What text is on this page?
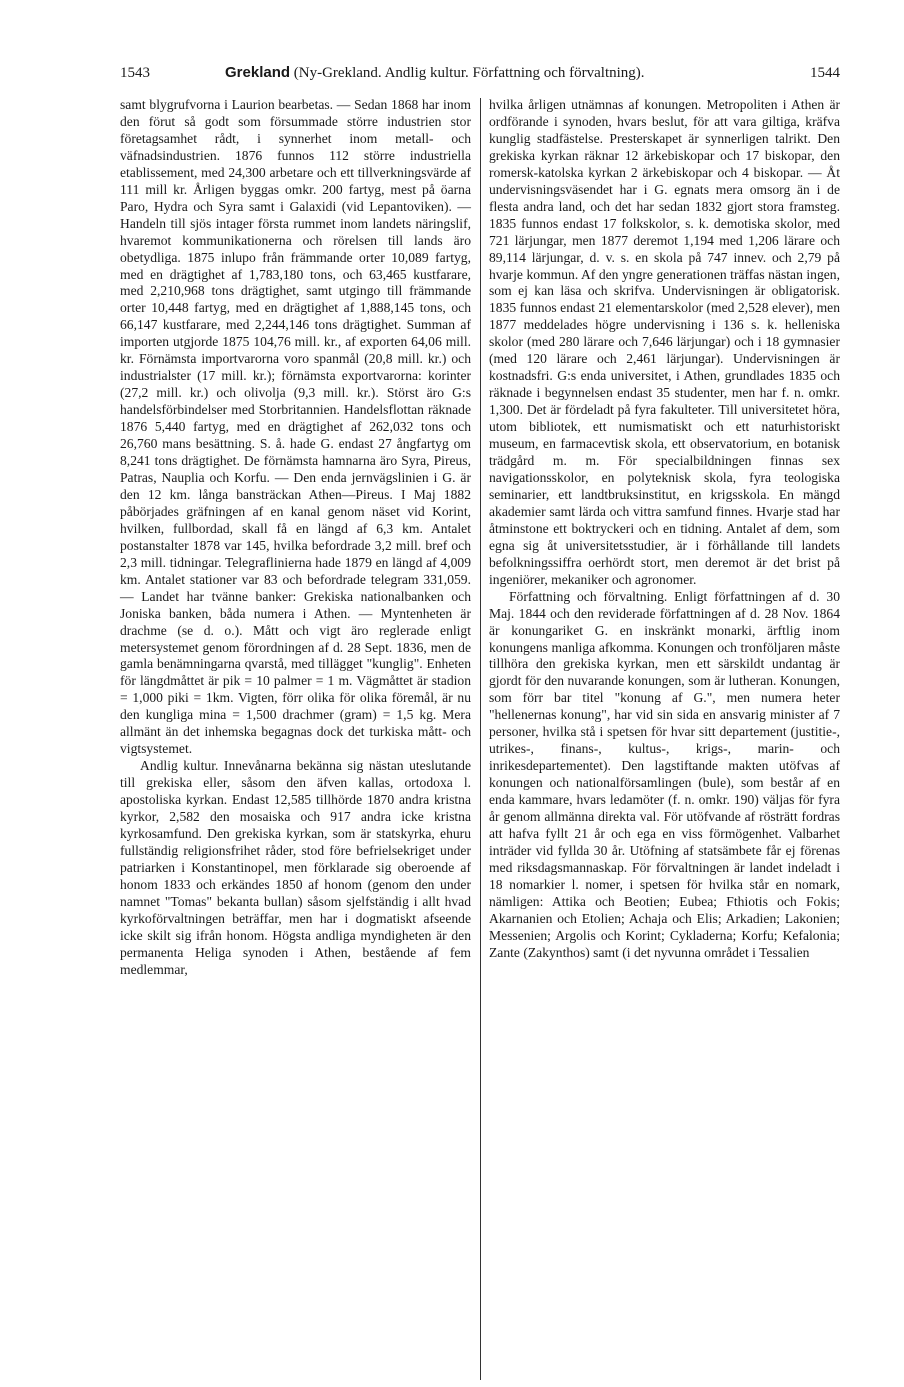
1543	Grekland (Ny-Grekland. Andlig kultur. Författning och förvaltning).	1544

samt blygrufvorna i Laurion bearbetas. — Sedan 1868 har inom den förut så godt som försummade större industrien stor företagsamhet rådt, i synnerhet inom metall- och väfnadsindustrien. 1876 funnos 112 större industriella etablissement, med 24,300 arbetare och ett tillverkningsvärde af 111 mill kr. Årligen byggas omkr. 200 fartyg, mest på öarna Paro, Hydra och Syra samt i Galaxidi (vid Lepantoviken). — Handeln till sjös intager första rummet inom landets näringslif, hvaremot kommunikationerna och rörelsen till lands äro obetydliga. 1875 inlupo från främmande orter 10,089 fartyg, med en drägtighet af 1,783,180 tons, och 63,465 kustfarare, med 2,210,968 tons drägtighet, samt utgingo till främmande orter 10,448 fartyg, med en drägtighet af 1,888,145 tons, och 66,147 kustfarare, med 2,244,146 tons drägtighet. Summan af importen utgjorde 1875 104,76 mill. kr., af exporten 64,06 mill. kr. Förnämsta importvarorna voro spanmål (20,8 mill. kr.) och industrialster (17 mill. kr.); förnämsta exportvarorna: korinter (27,2 mill. kr.) och olivolja (9,3 mill. kr.). Störst äro G:s handelsförbindelser med Storbritannien. Handelsflottan räknade 1876 5,440 fartyg, med en drägtighet af 262,032 tons och 26,760 mans besättning. S. å. hade G. endast 27 ångfartyg om 8,241 tons drägtighet. De förnämsta hamnarna äro Syra, Pireus, Patras, Nauplia och Korfu. — Den enda jernvägslinien i G. är den 12 km. långa bansträckan Athen—Pireus. I Maj 1882 påbörjades gräfningen af en kanal genom näset vid Korint, hvilken, fullbordad, skall få en längd af 6,3 km. Antalet postanstalter 1878 var 145, hvilka befordrade 3,2 mill. bref och 2,3 mill. tidningar. Telegraflinierna hade 1879 en längd af 4,009 km. Antalet stationer var 83 och befordrade telegram 331,059. — Landet har tvänne banker: Grekiska nationalbanken och Joniska banken, båda numera i Athen. — Myntenheten är drachme (se d. o.). Mått och vigt äro reglerade enligt metersystemet genom förordningen af d. 28 Sept. 1836, men de gamla benämningarna qvarstå, med tillägget "kunglig". Enheten för längdmåttet är pik = 10 palmer = 1 m. Vägmåttet är stadion = 1,000 piki = 1km. Vigten, förr olika för olika föremål, är nu den kungliga mina = 1,500 drachmer (gram) = 1,5 kg. Mera allmänt än det inhemska begagnas dock det turkiska mått- och vigtsystemet.

Andlig kultur. Innevånarna bekänna sig nästan uteslutande till grekiska eller, såsom den äfven kallas, ortodoxa l. apostoliska kyrkan. Endast 12,585 tillhörde 1870 andra kristna kyrkor, 2,582 den mosaiska och 917 andra icke kristna kyrkosamfund. Den grekiska kyrkan, som är statskyrka, ehuru fullständig religionsfrihet råder, stod före befrielsekriget under patriarken i Konstantinopel, men förklarade sig oberoende af honom 1833 och erkändes 1850 af honom (genom den under namnet "Tomas" bekanta bullan) såsom sjelfständig i allt hvad kyrkoförvaltningen beträffar, men har i dogmatiskt afseende icke skilt sig ifrån honom. Högsta andliga myndigheten är den permanenta Heliga synoden i Athen, bestående af fem medlemmar,

hvilka årligen utnämnas af konungen. Metropoliten i Athen är ordförande i synoden, hvars beslut, för att vara giltiga, kräfva kunglig stadfästelse. Presterskapet är synnerligen talrikt. Den grekiska kyrkan räknar 12 ärkebiskopar och 17 biskopar, den romersk-katolska kyrkan 2 ärkebiskopar och 4 biskopar. — Åt undervisningsväsendet har i G. egnats mera omsorg än i de flesta andra land, och det har sedan 1832 gjort stora framsteg. 1835 funnos endast 17 folkskolor, s. k. demotiska skolor, med 721 lärjungar, men 1877 deremot 1,194 med 1,206 lärare och 89,114 lärjungar, d. v. s. en skola på 747 innev. och 2,79 på hvarje kommun. Af den yngre generationen träffas nästan ingen, som ej kan läsa och skrifva. Undervisningen är obligatorisk. 1835 funnos endast 21 elementarskolor (med 2,528 elever), men 1877 meddelades högre undervisning i 136 s. k. helleniska skolor (med 280 lärare och 7,646 lärjungar) och i 18 gymnasier (med 120 lärare och 2,461 lärjungar). Undervisningen är kostnadsfri. G:s enda universitet, i Athen, grundlades 1835 och räknade i begynnelsen endast 35 studenter, men har f. n. omkr. 1,300. Det är fördeladt på fyra fakulteter. Till universitetet höra, utom bibliotek, ett numismatiskt och ett naturhistoriskt museum, en farmacevtisk skola, ett observatorium, en botanisk trädgård m. m. För specialbildningen finnas sex navigationsskolor, en polyteknisk skola, fyra teologiska seminarier, ett landtbruksinstitut, en krigsskola. En mängd akademier samt lärda och vittra samfund finnes. Hvarje stad har åtminstone ett boktryckeri och en tidning. Antalet af dem, som egna sig åt universitetsstudier, är i förhållande till landets befolkningssiffra oerhördt stort, men deremot är det brist på ingeniörer, mekaniker och agronomer.

Författning och förvaltning. Enligt författningen af d. 30 Maj. 1844 och den reviderade författningen af d. 28 Nov. 1864 är konungariket G. en inskränkt monarki, ärftlig inom konungens manliga afkomma. Konungen och tronföljaren måste tillhöra den grekiska kyrkan, men ett särskildt undantag är gjordt för den nuvarande konungen, som är lutheran. Konungen, som förr bar titel "konung af G.", men numera heter "hellenernas konung", har vid sin sida en ansvarig minister af 7 personer, hvilka stå i spetsen för hvar sitt departement (justitie-, utrikes-, finans-, kultus-, krigs-, marin- och inrikesdepartementet). Den lagstiftande makten utöfvas af konungen och nationalförsamlingen (bule), som består af en enda kammare, hvars ledamöter (f. n. omkr. 190) väljas för fyra år genom allmänna direkta val. För utöfvande af rösträtt fordras att hafva fyllt 21 år och ega en viss förmögenhet. Valbarhet inträder vid fyllda 30 år. Utöfning af statsämbete får ej förenas med riksdagsmannaskap. För förvaltningen är landet indeladt i 18 nomarkier l. nomer, i spetsen för hvilka står en nomark, nämligen: Attika och Beotien; Eubea; Fthiotis och Fokis; Akarnanien och Etolien; Achaja och Elis; Arkadien; Lakonien; Messenien; Argolis och Korint; Cykladerna; Korfu; Kefalonia; Zante (Zakynthos) samt (i det nyvunna området i Tessalien
